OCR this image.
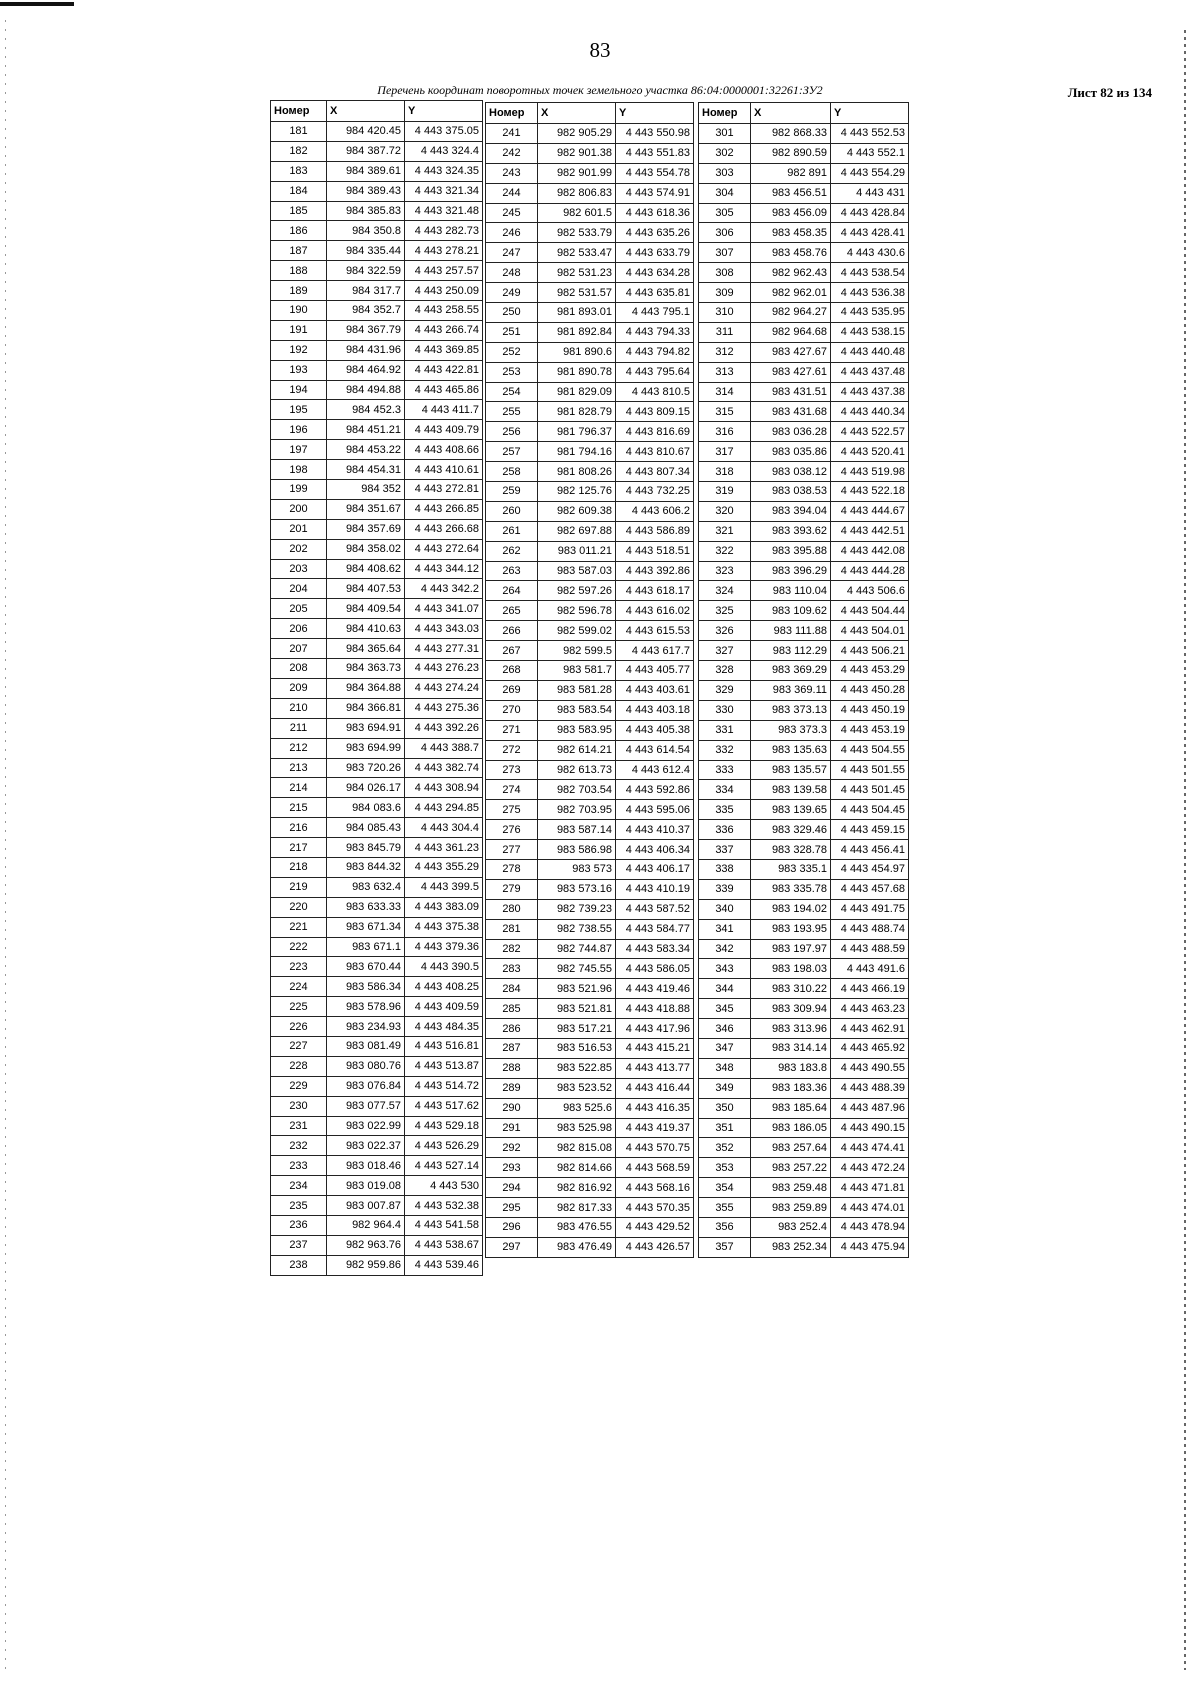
83
Перечень координат поворотных точек земельного участка 86:04:0000001:32261:ЗУ2	Лист 82 из 134
Номер	X	Y
181	984 420.45	4 443 375.05
182	984 387.72	4 443 324.4
183	984 389.61	4 443 324.35
184	984 389.43	4 443 321.34
185	984 385.83	4 443 321.48
186	984 350.8	4 443 282.73
187	984 335.44	4 443 278.21
188	984 322.59	4 443 257.57
189	984 317.7	4 443 250.09
190	984 352.7	4 443 258.55
191	984 367.79	4 443 266.74
192	984 431.96	4 443 369.85
193	984 464.92	4 443 422.81
194	984 494.88	4 443 465.86
195	984 452.3	4 443 411.7
196	984 451.21	4 443 409.79
197	984 453.22	4 443 408.66
198	984 454.31	4 443 410.61
199	984 352	4 443 272.81
200	984 351.67	4 443 266.85
201	984 357.69	4 443 266.68
202	984 358.02	4 443 272.64
203	984 408.62	4 443 344.12
204	984 407.53	4 443 342.2
205	984 409.54	4 443 341.07
206	984 410.63	4 443 343.03
207	984 365.64	4 443 277.31
208	984 363.73	4 443 276.23
209	984 364.88	4 443 274.24
210	984 366.81	4 443 275.36
211	983 694.91	4 443 392.26
212	983 694.99	4 443 388.7
213	983 720.26	4 443 382.74
214	984 026.17	4 443 308.94
215	984 083.6	4 443 294.85
216	984 085.43	4 443 304.4
217	983 845.79	4 443 361.23
218	983 844.32	4 443 355.29
219	983 632.4	4 443 399.5
220	983 633.33	4 443 383.09
221	983 671.34	4 443 375.38
222	983 671.1	4 443 379.36
223	983 670.44	4 443 390.5
224	983 586.34	4 443 408.25
225	983 578.96	4 443 409.59
226	983 234.93	4 443 484.35
227	983 081.49	4 443 516.81
228	983 080.76	4 443 513.87
229	983 076.84	4 443 514.72
230	983 077.57	4 443 517.62
231	983 022.99	4 443 529.18
232	983 022.37	4 443 526.29
233	983 018.46	4 443 527.14
234	983 019.08	4 443 530
235	983 007.87	4 443 532.38
236	982 964.4	4 443 541.58
237	982 963.76	4 443 538.67
238	982 959.86	4 443 539.46
Номер	X	Y
241	982 905.29	4 443 550.98
242	982 901.38	4 443 551.83
243	982 901.99	4 443 554.78
244	982 806.83	4 443 574.91
245	982 601.5	4 443 618.36
246	982 533.79	4 443 635.26
247	982 533.47	4 443 633.79
248	982 531.23	4 443 634.28
249	982 531.57	4 443 635.81
250	981 893.01	4 443 795.1
251	981 892.84	4 443 794.33
252	981 890.6	4 443 794.82
253	981 890.78	4 443 795.64
254	981 829.09	4 443 810.5
255	981 828.79	4 443 809.15
256	981 796.37	4 443 816.69
257	981 794.16	4 443 810.67
258	981 808.26	4 443 807.34
259	982 125.76	4 443 732.25
260	982 609.38	4 443 606.2
261	982 697.88	4 443 586.89
262	983 011.21	4 443 518.51
263	983 587.03	4 443 392.86
264	982 597.26	4 443 618.17
265	982 596.78	4 443 616.02
266	982 599.02	4 443 615.53
267	982 599.5	4 443 617.7
268	983 581.7	4 443 405.77
269	983 581.28	4 443 403.61
270	983 583.54	4 443 403.18
271	983 583.95	4 443 405.38
272	982 614.21	4 443 614.54
273	982 613.73	4 443 612.4
274	982 703.54	4 443 592.86
275	982 703.95	4 443 595.06
276	983 587.14	4 443 410.37
277	983 586.98	4 443 406.34
278	983 573	4 443 406.17
279	983 573.16	4 443 410.19
280	982 739.23	4 443 587.52
281	982 738.55	4 443 584.77
282	982 744.87	4 443 583.34
283	982 745.55	4 443 586.05
284	983 521.96	4 443 419.46
285	983 521.81	4 443 418.88
286	983 517.21	4 443 417.96
287	983 516.53	4 443 415.21
288	983 522.85	4 443 413.77
289	983 523.52	4 443 416.44
290	983 525.6	4 443 416.35
291	983 525.98	4 443 419.37
292	982 815.08	4 443 570.75
293	982 814.66	4 443 568.59
294	982 816.92	4 443 568.16
295	982 817.33	4 443 570.35
296	983 476.55	4 443 429.52
297	983 476.49	4 443 426.57
Номер	X	Y
301	982 868.33	4 443 552.53
302	982 890.59	4 443 552.1
303	982 891	4 443 554.29
304	983 456.51	4 443 431
305	983 456.09	4 443 428.84
306	983 458.35	4 443 428.41
307	983 458.76	4 443 430.6
308	982 962.43	4 443 538.54
309	982 962.01	4 443 536.38
310	982 964.27	4 443 535.95
311	982 964.68	4 443 538.15
312	983 427.67	4 443 440.48
313	983 427.61	4 443 437.48
314	983 431.51	4 443 437.38
315	983 431.68	4 443 440.34
316	983 036.28	4 443 522.57
317	983 035.86	4 443 520.41
318	983 038.12	4 443 519.98
319	983 038.53	4 443 522.18
320	983 394.04	4 443 444.67
321	983 393.62	4 443 442.51
322	983 395.88	4 443 442.08
323	983 396.29	4 443 444.28
324	983 110.04	4 443 506.6
325	983 109.62	4 443 504.44
326	983 111.88	4 443 504.01
327	983 112.29	4 443 506.21
328	983 369.29	4 443 453.29
329	983 369.11	4 443 450.28
330	983 373.13	4 443 450.19
331	983 373.3	4 443 453.19
332	983 135.63	4 443 504.55
333	983 135.57	4 443 501.55
334	983 139.58	4 443 501.45
335	983 139.65	4 443 504.45
336	983 329.46	4 443 459.15
337	983 328.78	4 443 456.41
338	983 335.1	4 443 454.97
339	983 335.78	4 443 457.68
340	983 194.02	4 443 491.75
341	983 193.95	4 443 488.74
342	983 197.97	4 443 488.59
343	983 198.03	4 443 491.6
344	983 310.22	4 443 466.19
345	983 309.94	4 443 463.23
346	983 313.96	4 443 462.91
347	983 314.14	4 443 465.92
348	983 183.8	4 443 490.55
349	983 183.36	4 443 488.39
350	983 185.64	4 443 487.96
351	983 186.05	4 443 490.15
352	983 257.64	4 443 474.41
353	983 257.22	4 443 472.24
354	983 259.48	4 443 471.81
355	983 259.89	4 443 474.01
356	983 252.4	4 443 478.94
357	983 252.34	4 443 475.94
